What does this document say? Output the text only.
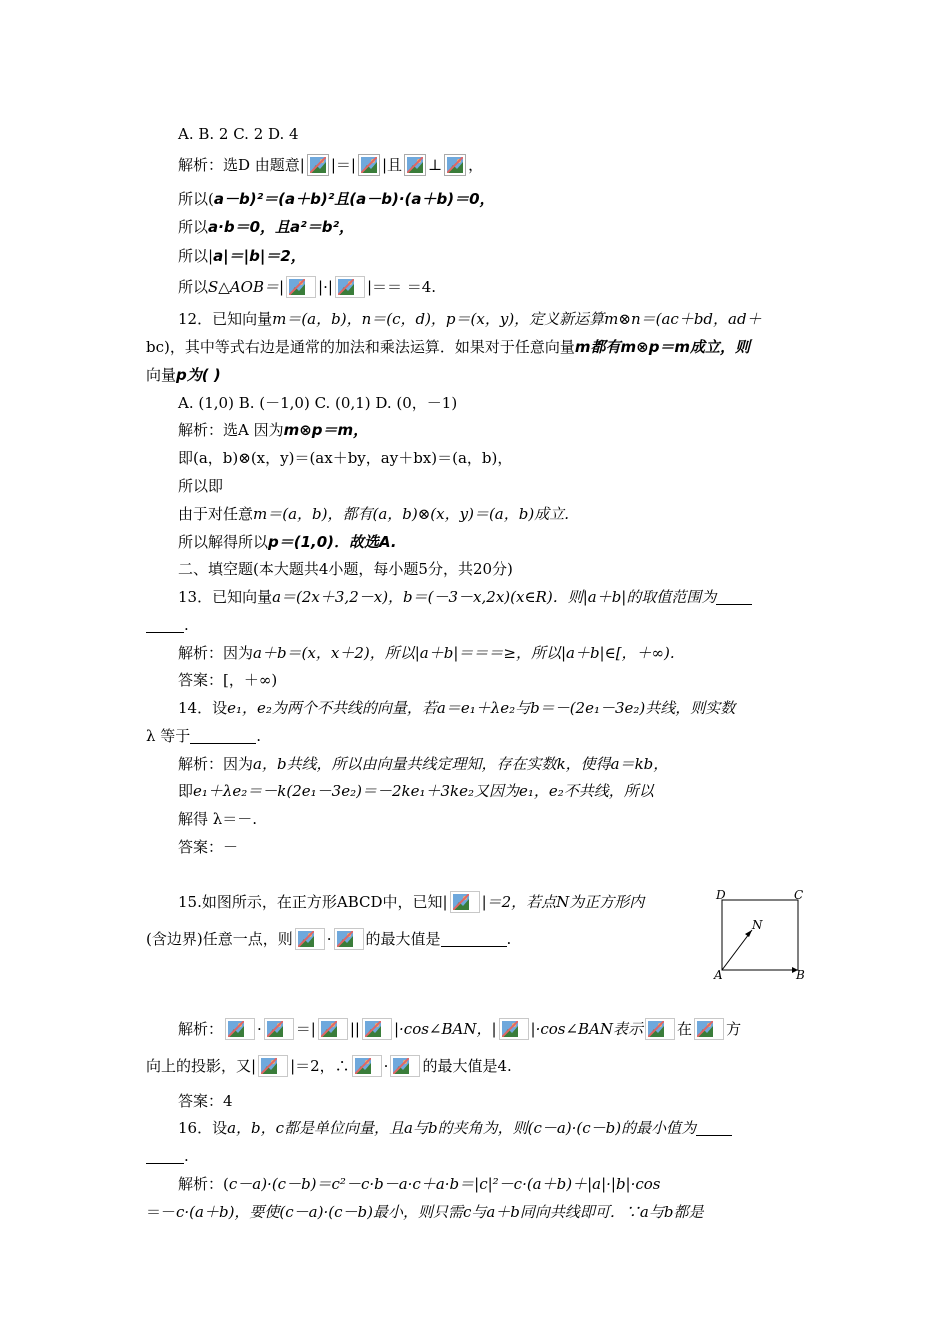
A. B. 2 C. 2 D. 4
解析：选D 由题意 | |＝| |且 ⊥ ，
所以( a－b)²＝(a＋b)²且(a－b)·(a＋b)＝0，
所以 a·b＝0，且a²＝b²，
所以| a|＝|b|＝2，
所以 S△AOB＝| |·| |＝＝ ＝4.
12．已知向量 m＝(a，b)，n＝(c，d)，p＝(x，y)，定义新运算m⊗n＝(ac＋bd，ad＋
bc)，其中等式右边是通常的加法和乘法运算．如果对于任意向量 m都有m⊗p＝m成立，则
向量 p为( )
A. (1,0) B. (－1,0) C. (0,1) D. (0，－1)
解析：选A 因为 m⊗p＝m，
即(a，b)⊗(x，y)＝(ax＋by，ay＋bx)＝(a，b)，
所以即
由于对任意 m＝(a，b)，都有(a，b)⊗(x，y)＝(a，b)成立.
所以解得所以 p＝(1,0)．故选A.
二、填空题(本大题共4小题，每小题5分，共20分)
13．已知向量 a＝(2x＋3,2－x)，b＝(－3－x,2x)(x∈R)．则|a＋b|的取值范围为
.
解析：因为 a＋b＝(x，x＋2)，所以|a＋b|＝＝＝≥，所以|a＋b|∈[，＋∞).
答案：[，＋∞)
14．设 e₁，e₂为两个不共线的向量，若a＝e₁＋λe₂与b＝－(2e₁－3e₂)共线，则实数
λ 等于	.
解析：因为 a，b共线，所以由向量共线定理知，存在实数k，使得a＝kb，
即 e₁＋λe₂＝－k(2e₁－3e₂)＝－2ke₁＋3ke₂又因为e₁，e₂不共线，所以
解得 λ＝－.
答案：－
15.如图所示，在正方形ABCD中，已知| |＝2，若点N为正方形内
(含边界)任意一点，则 · 的最大值是	.
D	C
N
A	B
解析： · ＝| || |·cos∠BAN，| |·cos∠BAN表示 在 方
向上的投影，又| |＝2，∴ · 的最大值是4.
答案：4
16．设 a，b，c都是单位向量，且a与b的夹角为，则(c－a)·(c－b)的最小值为
.
解析：( c－a)·(c－b)＝c²－c·b－a·c＋a·b＝|c|²－c·(a＋b)＋|a|·|b|·cos
＝－ c·(a＋b)，要使(c－a)·(c－b)最小，则只需c与a＋b同向共线即可．∵a与b都是
